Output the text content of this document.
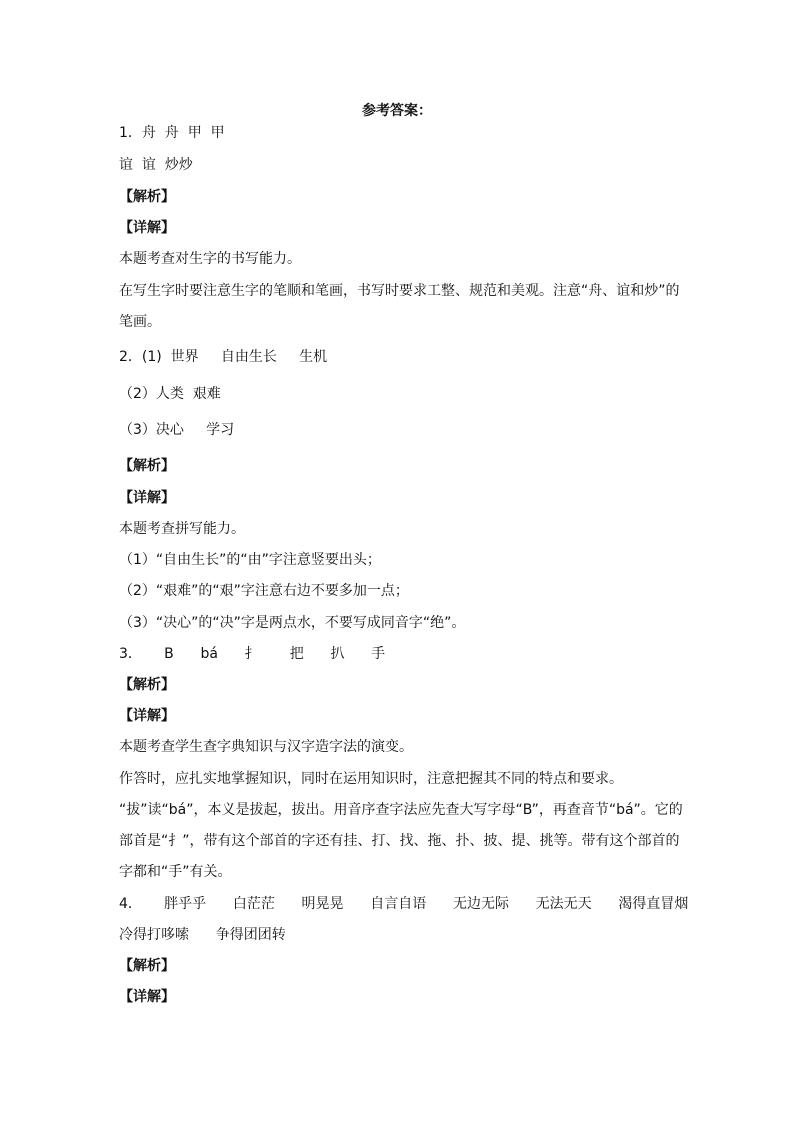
参考答案：
1．舟  舟  甲  甲
谊  谊  炒炒
【解析】
【详解】
本题考查对生字的书写能力。
在写生字时要注意生字的笔顺和笔画，书写时要求工整、规范和美观。注意“舟、谊和炒”的
笔画。
2．(1)  世界     自由生长     生机
（2）人类  艰难
（3）决心     学习
【解析】
【详解】
本题考查拼写能力。
（1）“自由生长”的“由”字注意竖要出头；
（2）“艰难”的“艰”字注意右边不要多加一点；
（3）“决心”的“决”字是两点水，不要写成同音字“绝”。
3．     B      bá      扌       把      扒      手
【解析】
【详解】
本题考查学生查字典知识与汉字造字法的演变。
作答时，应扎实地掌握知识，同时在运用知识时，注意把握其不同的特点和要求。
“拔”读“bá”，本义是拔起，拔出。用音序查字法应先查大写字母“B”，再查音节“bá”。它的
部首是“扌”，带有这个部首的字还有挂、打、找、拖、扑、披、提、挑等。带有这个部首的
字都和“手”有关。
4．     胖乎乎      白茫茫      明晃晃      自言自语      无边无际      无法无天      渴得直冒烟
冷得打哆嗦      争得团团转
【解析】
【详解】
